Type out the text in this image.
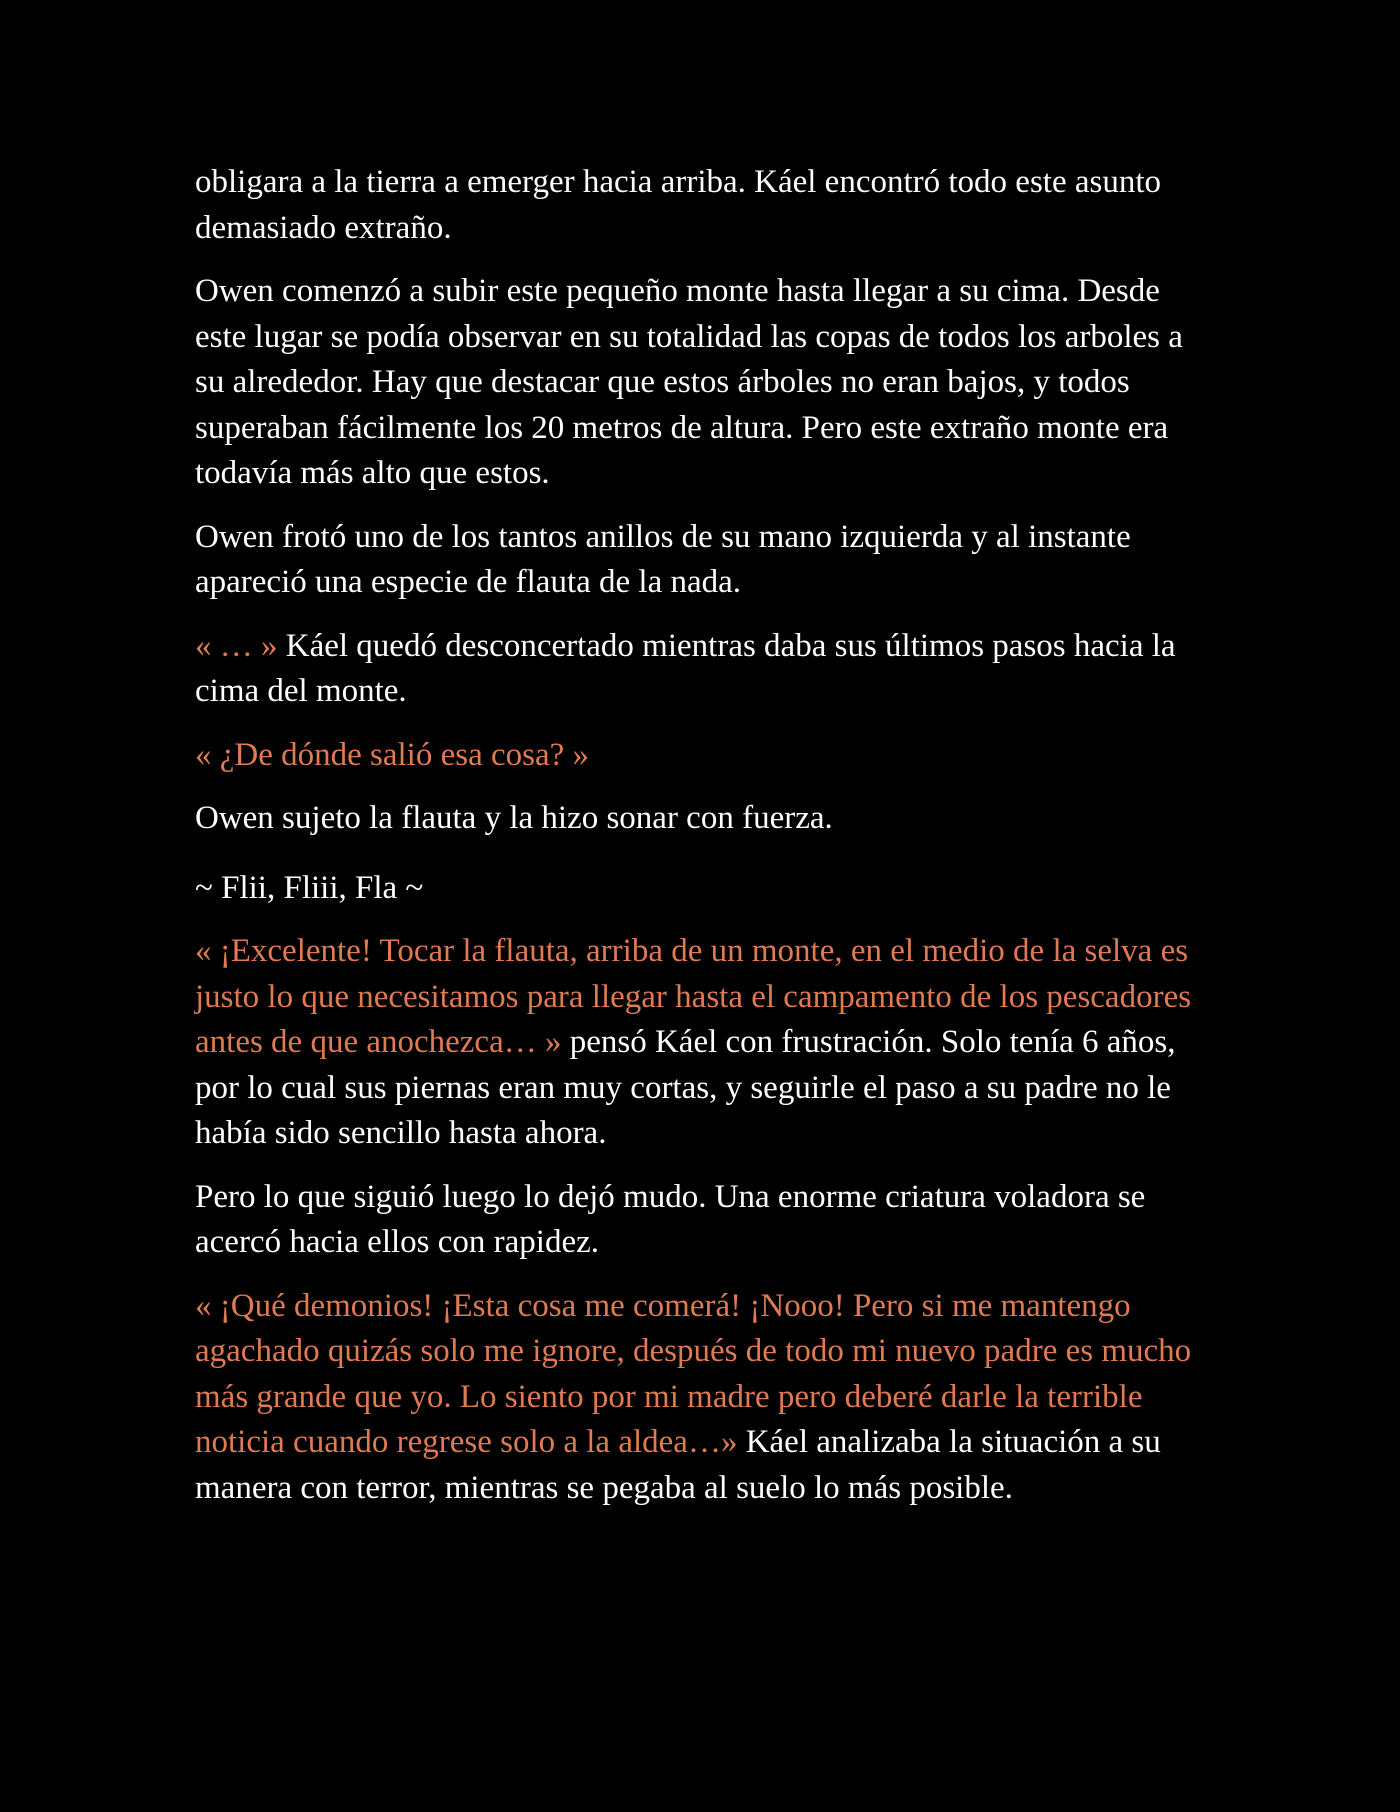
obligara a la tierra a emerger hacia arriba. Káel encontró todo este asunto demasiado extraño.

Owen comenzó a subir este pequeño monte hasta llegar a su cima. Desde este lugar se podía observar en su totalidad las copas de todos los arboles a su alrededor. Hay que destacar que estos árboles no eran bajos, y todos superaban fácilmente los 20 metros de altura. Pero este extraño monte era todavía más alto que estos.

Owen frotó uno de los tantos anillos de su mano izquierda y al instante apareció una especie de flauta de la nada.

« … » Káel quedó desconcertado mientras daba sus últimos pasos hacia la cima del monte.

« ¿De dónde salió esa cosa? »

Owen sujeto la flauta y la hizo sonar con fuerza.

~ Flii, Fliii, Fla ~

« ¡Excelente! Tocar la flauta, arriba de un monte, en el medio de la selva es justo lo que necesitamos para llegar hasta el campamento de los pescadores antes de que anochezca… » pensó Káel con frustración. Solo tenía 6 años, por lo cual sus piernas eran muy cortas, y seguirle el paso a su padre no le había sido sencillo hasta ahora.

Pero lo que siguió luego lo dejó mudo. Una enorme criatura voladora se acercó hacia ellos con rapidez.

« ¡Qué demonios! ¡Esta cosa me comerá! ¡Nooo! Pero si me mantengo agachado quizás solo me ignore, después de todo mi nuevo padre es mucho más grande que yo. Lo siento por mi madre pero deberé darle la terrible noticia cuando regrese solo a la aldea…» Káel analizaba la situación a su manera con terror, mientras se pegaba al suelo lo más posible.
